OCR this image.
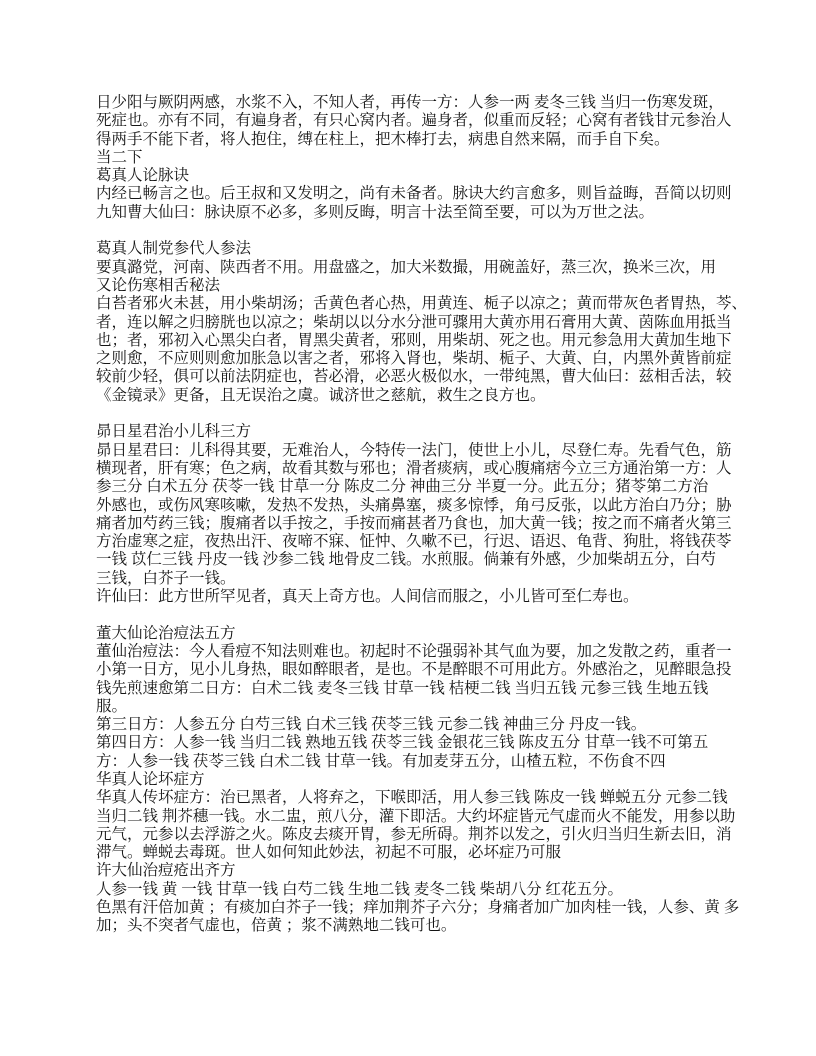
日少阳与厥阴两感，水浆不入，不知人者，再传一方：人参一两 麦冬三钱 当归一伤寒发斑，
死症也。亦有不同，有遍身者，有只心窝内者。遍身者，似重而反轻；心窝有者钱甘元参治人
得两手不能下者，将人抱住，缚在柱上，把木棒打去，病患自然来隔，而手自下矣。
当二下
葛真人论脉诀
内经已畅言之也。后王叔和又发明之，尚有未备者。脉诀大约言愈多，则旨益晦，吾简以切则
九知曹大仙曰：脉诀原不必多，多则反晦，明言十法至简至要，可以为万世之法。

葛真人制党参代人参法
要真潞党，河南、陕西者不用。用盘盛之，加大米数撮，用碗盖好，蒸三次，换米三次，用
又论伤寒相舌秘法
白苔者邪火未甚，用小柴胡汤；舌黄色者心热，用黄连、栀子以凉之；黄而带灰色者胃热，芩、
者，连以解之归膀胱也以凉之；柴胡以以分水分泄可骤用大黄亦用石膏用大黄、茵陈血用抵当
也；者，邪初入心黑尖白者，胃黑尖黄者，邪则，用柴胡、死之也。用元参急用大黄加生地下
之则愈，不应则则愈加胀急以害之者，邪将入肾也，柴胡、栀子、大黄、白，内黑外黄皆前症
较前少轻，俱可以前法阴症也，苔必滑，必恶火极似水，一带纯黑，曹大仙曰：兹相舌法，较
《金镜录》更备，且无误治之虞。诚济世之慈航，救生之良方也。

昴日星君治小儿科三方
昴日星君曰：儿科得其要，无难治人，今特传一法门，使世上小儿，尽登仁寿。先看气色，筋
横现者，肝有寒；色之病，故看其数与邪也；滑者痰病，或心腹痛痞今立三方通治第一方：人
参三分 白术五分 茯苓一钱 甘草一分 陈皮二分 神曲三分 半夏一分。此五分；猪苓第二方治
外感也，或伤风寒咳嗽，发热不发热，头痛鼻塞，痰多惊悸，角弓反张，以此方治白乃分；胁
痛者加芍药三钱；腹痛者以手按之，手按而痛甚者乃食也，加大黄一钱；按之而不痛者火第三
方治虚寒之症，夜热出汗、夜啼不寐、怔忡、久嗽不已，行迟、语迟、龟背、狗肚，将钱茯苓
一钱 苡仁三钱 丹皮一钱 沙参二钱 地骨皮二钱。水煎服。倘兼有外感，少加柴胡五分，白芍
三钱，白芥子一钱。
许仙曰：此方世所罕见者，真天上奇方也。人间信而服之，小儿皆可至仁寿也。

董大仙论治痘法五方
董仙治痘法：今人看痘不知法则难也。初起时不论强弱补其气血为要，加之发散之药，重者一
小第一日方，见小儿身热，眼如醉眼者，是也。不是醉眼不可用此方。外感治之，见醉眼急投
钱先煎速愈第二日方：白术二钱 麦冬三钱 甘草一钱 桔梗二钱 当归五钱 元参三钱 生地五钱
服。
第三日方：人参五分 白芍三钱 白术三钱 茯苓三钱 元参二钱 神曲三分 丹皮一钱。
第四日方：人参一钱 当归二钱 熟地五钱 茯苓三钱 金银花三钱 陈皮五分 甘草一钱不可第五
方：人参一钱 茯苓三钱 白术二钱 甘草一钱。有加麦芽五分，山楂五粒，不伤食不四
华真人论坏症方
华真人传坏症方：治已黑者，人将弃之，下喉即活，用人参三钱 陈皮一钱 蝉蜕五分 元参二钱
当归二钱 荆芥穗一钱。水二盅，煎八分，灌下即活。大约坏症皆元气虚而火不能发，用参以助
元气，元参以去浮游之火。陈皮去痰开胃，参无所碍。荆芥以发之，引火归当归生新去旧，消
滞气。蝉蜕去毒斑。世人如何知此妙法，初起不可服，必坏症乃可服
许大仙治痘疮出齐方
人参一钱 黄 一钱 甘草一钱 白芍二钱 生地二钱 麦冬二钱 柴胡八分 红花五分。
色黑有汗倍加黄 ；有痰加白芥子一钱；痒加荆芥子六分；身痛者加广加肉桂一钱，人参、黄 多
加；头不突者气虚也，倍黄 ；浆不满熟地二钱可也。
